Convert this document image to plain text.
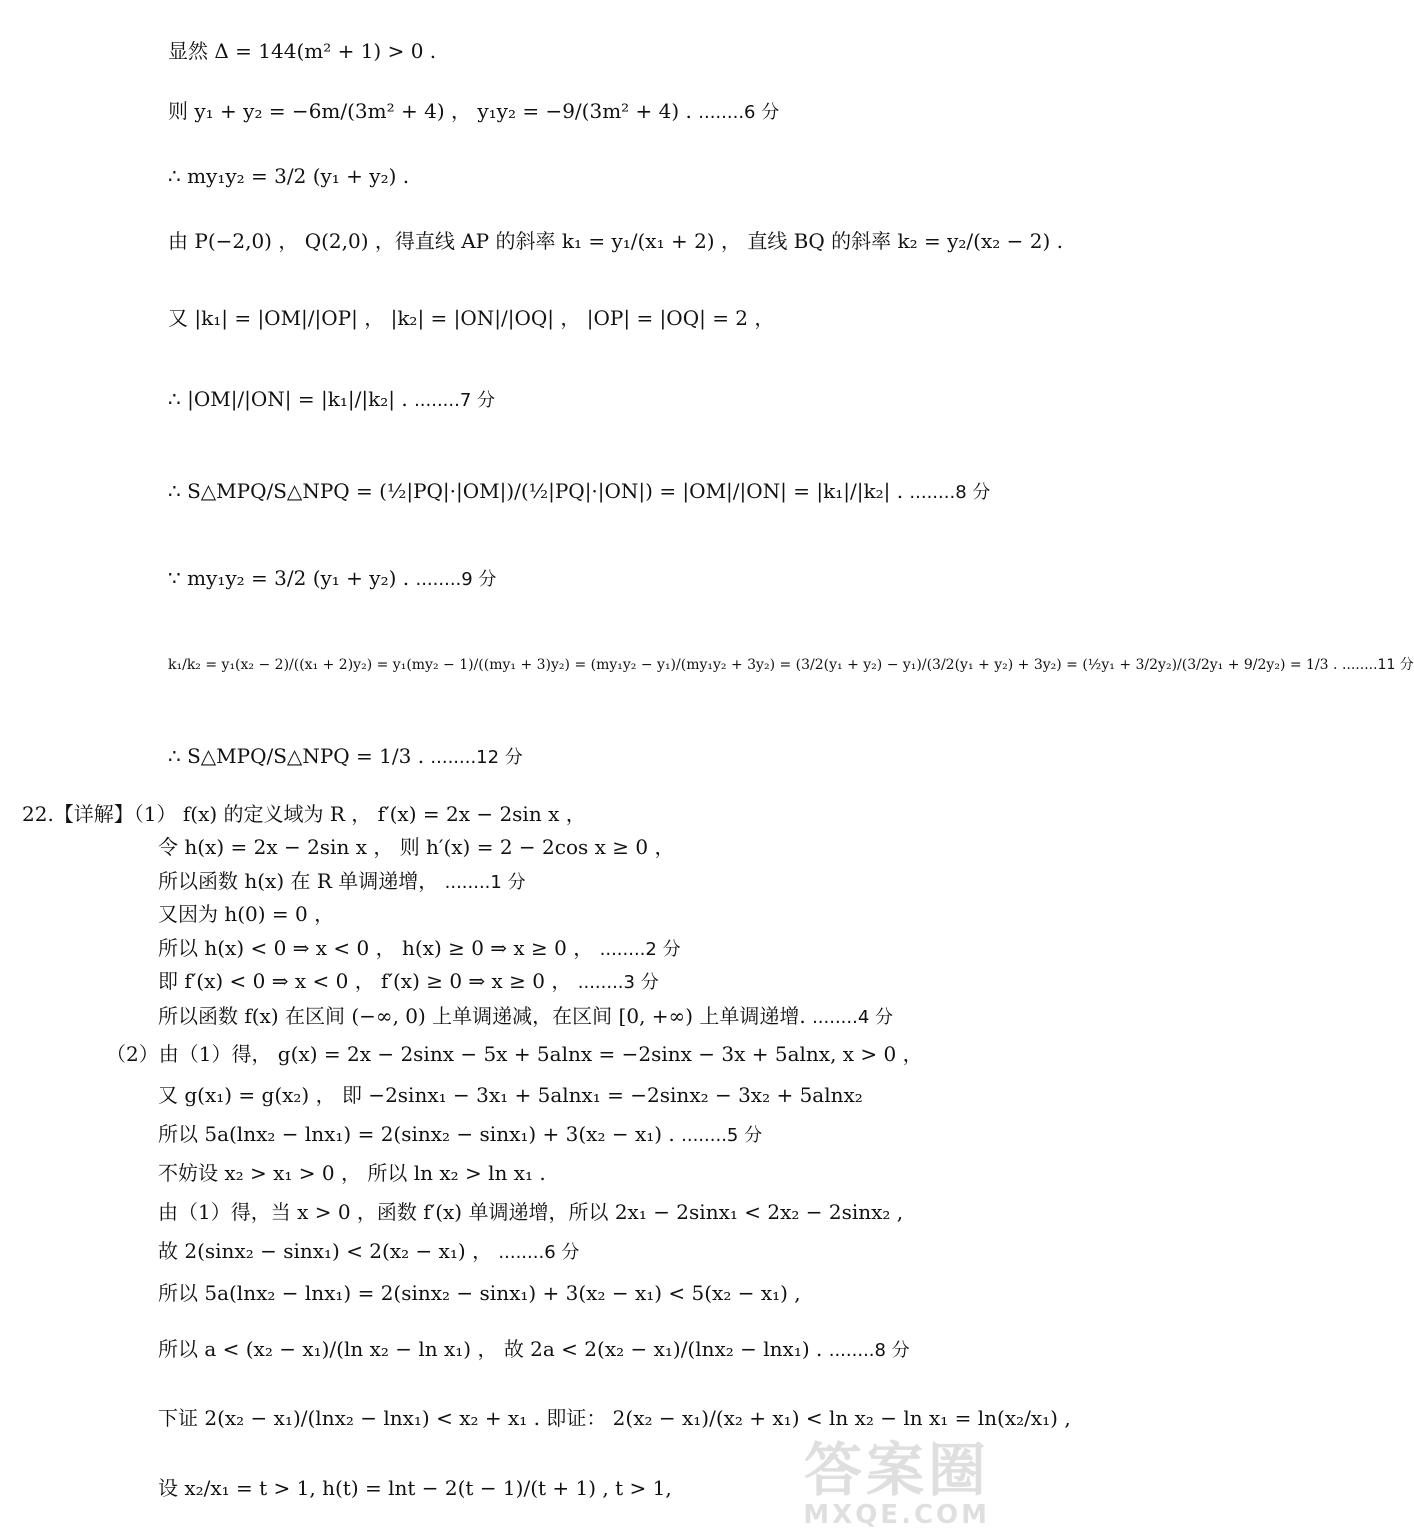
显然 Δ = 144(m² + 1) > 0 .
则 y₁ + y₂ = −6m/(3m² + 4) ， y₁y₂ = −9/(3m² + 4) . ........6 分
∴ my₁y₂ = 3/2 (y₁ + y₂) .
由 P(−2,0) ， Q(2,0) ，得直线 AP 的斜率 k₁ = y₁/(x₁ + 2) ， 直线 BQ 的斜率 k₂ = y₂/(x₂ − 2) .
又 |k₁| = |OM|/|OP| ， |k₂| = |ON|/|OQ| ， |OP| = |OQ| = 2 ，
∴ |OM|/|ON| = |k₁|/|k₂| . ........7 分
∴ S△MPQ/S△NPQ = (½|PQ|·|OM|)/(½|PQ|·|ON|) = |OM|/|ON| = |k₁|/|k₂| . ........8 分
∵ my₁y₂ = 3/2 (y₁ + y₂) . ........9 分
k₁/k₂ = y₁(x₂ − 2)/((x₁ + 2)y₂) = y₁(my₂ − 1)/((my₁ + 3)y₂) = (my₁y₂ − y₁)/(my₁y₂ + 3y₂) = (3/2(y₁ + y₂) − y₁)/(3/2(y₁ + y₂) + 3y₂) = (½y₁ + 3/2y₂)/(3/2y₁ + 9/2y₂) = 1/3 . ........11 分
∴ S△MPQ/S△NPQ = 1/3 . ........12 分
22.【详解】（1） f(x) 的定义域为 R ， f′(x) = 2x − 2sin x ，
令 h(x) = 2x − 2sin x ， 则 h′(x) = 2 − 2cos x ≥ 0 ，
所以函数 h(x) 在 R 单调递增， ........1 分
又因为 h(0) = 0 ，
所以 h(x) < 0 ⇒ x < 0 ， h(x) ≥ 0 ⇒ x ≥ 0 ， ........2 分
即 f′(x) < 0 ⇒ x < 0 ， f′(x) ≥ 0 ⇒ x ≥ 0 ， ........3 分
所以函数 f(x) 在区间 (−∞, 0) 上单调递减，在区间 [0, +∞) 上单调递增. ........4 分
（2）由（1）得， g(x) = 2x − 2sinx − 5x + 5alnx = −2sinx − 3x + 5alnx, x > 0 ，
又 g(x₁) = g(x₂) ， 即 −2sinx₁ − 3x₁ + 5alnx₁ = −2sinx₂ − 3x₂ + 5alnx₂
所以 5a(lnx₂ − lnx₁) = 2(sinx₂ − sinx₁) + 3(x₂ − x₁) . ........5 分
不妨设 x₂ > x₁ > 0 ， 所以 ln x₂ > ln x₁ .
由（1）得，当 x > 0 ，函数 f′(x) 单调递增，所以 2x₁ − 2sinx₁ < 2x₂ − 2sinx₂ ,
故 2(sinx₂ − sinx₁) < 2(x₂ − x₁) ， ........6 分
所以 5a(lnx₂ − lnx₁) = 2(sinx₂ − sinx₁) + 3(x₂ − x₁) < 5(x₂ − x₁) ,
所以 a < (x₂ − x₁)/(ln x₂ − ln x₁) ， 故 2a < 2(x₂ − x₁)/(lnx₂ − lnx₁) . ........8 分
下证 2(x₂ − x₁)/(lnx₂ − lnx₁) < x₂ + x₁ . 即证： 2(x₂ − x₁)/(x₂ + x₁) < ln x₂ − ln x₁ = ln(x₂/x₁) ,
设 x₂/x₁ = t > 1, h(t) = lnt − 2(t − 1)/(t + 1) , t > 1, 答案圈
MXQE.COM
